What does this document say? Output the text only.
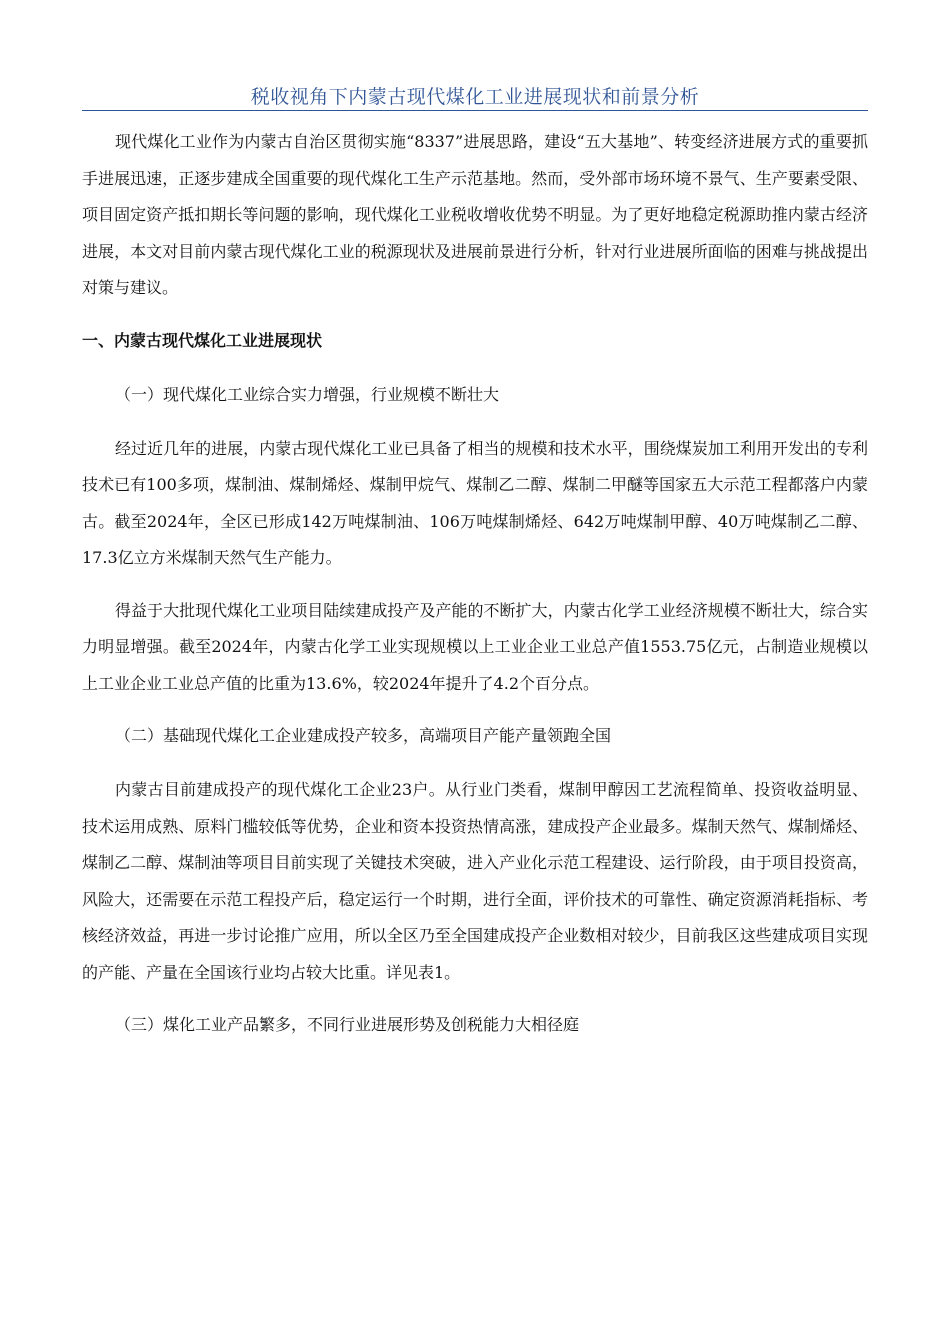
税收视角下内蒙古现代煤化工业进展现状和前景分析

现代煤化工业作为内蒙古自治区贯彻实施“8337”进展思路，建设“五大基地”、转变经济进展方式的重要抓手进展迅速，正逐步建成全国重要的现代煤化工生产示范基地。然而，受外部市场环境不景气、生产要素受限、项目固定资产抵扣期长等问题的影响，现代煤化工业税收增收优势不明显。为了更好地稳定税源助推内蒙古经济进展，本文对目前内蒙古现代煤化工业的税源现状及进展前景进行分析，针对行业进展所面临的困难与挑战提出对策与建议。

一、内蒙古现代煤化工业进展现状
（一）现代煤化工业综合实力增强，行业规模不断壮大

经过近几年的进展，内蒙古现代煤化工业已具备了相当的规模和技术水平，围绕煤炭加工利用开发出的专利技术已有100多项，煤制油、煤制烯烃、煤制甲烷气、煤制乙二醇、煤制二甲醚等国家五大示范工程都落户内蒙古。截至2024年，全区已形成142万吨煤制油、106万吨煤制烯烃、642万吨煤制甲醇、40万吨煤制乙二醇、17.3亿立方米煤制天然气生产能力。

得益于大批现代煤化工业项目陆续建成投产及产能的不断扩大，内蒙古化学工业经济规模不断壮大，综合实力明显增强。截至2024年，内蒙古化学工业实现规模以上工业企业工业总产值1553.75亿元，占制造业规模以上工业企业工业总产值的比重为13.6%，较2024年提升了4.2个百分点。

（二）基础现代煤化工企业建成投产较多，高端项目产能产量领跑全国

内蒙古目前建成投产的现代煤化工企业23户。从行业门类看，煤制甲醇因工艺流程简单、投资收益明显、技术运用成熟、原料门槛较低等优势，企业和资本投资热情高涨，建成投产企业最多。煤制天然气、煤制烯烃、煤制乙二醇、煤制油等项目目前实现了关键技术突破，进入产业化示范工程建设、运行阶段，由于项目投资高，风险大，还需要在示范工程投产后，稳定运行一个时期，进行全面，评价技术的可靠性、确定资源消耗指标、考核经济效益，再进一步讨论推广应用，所以全区乃至全国建成投产企业数相对较少，目前我区这些建成项目实现的产能、产量在全国该行业均占较大比重。详见表1。

（三）煤化工业产品繁多，不同行业进展形势及创税能力大相径庭
